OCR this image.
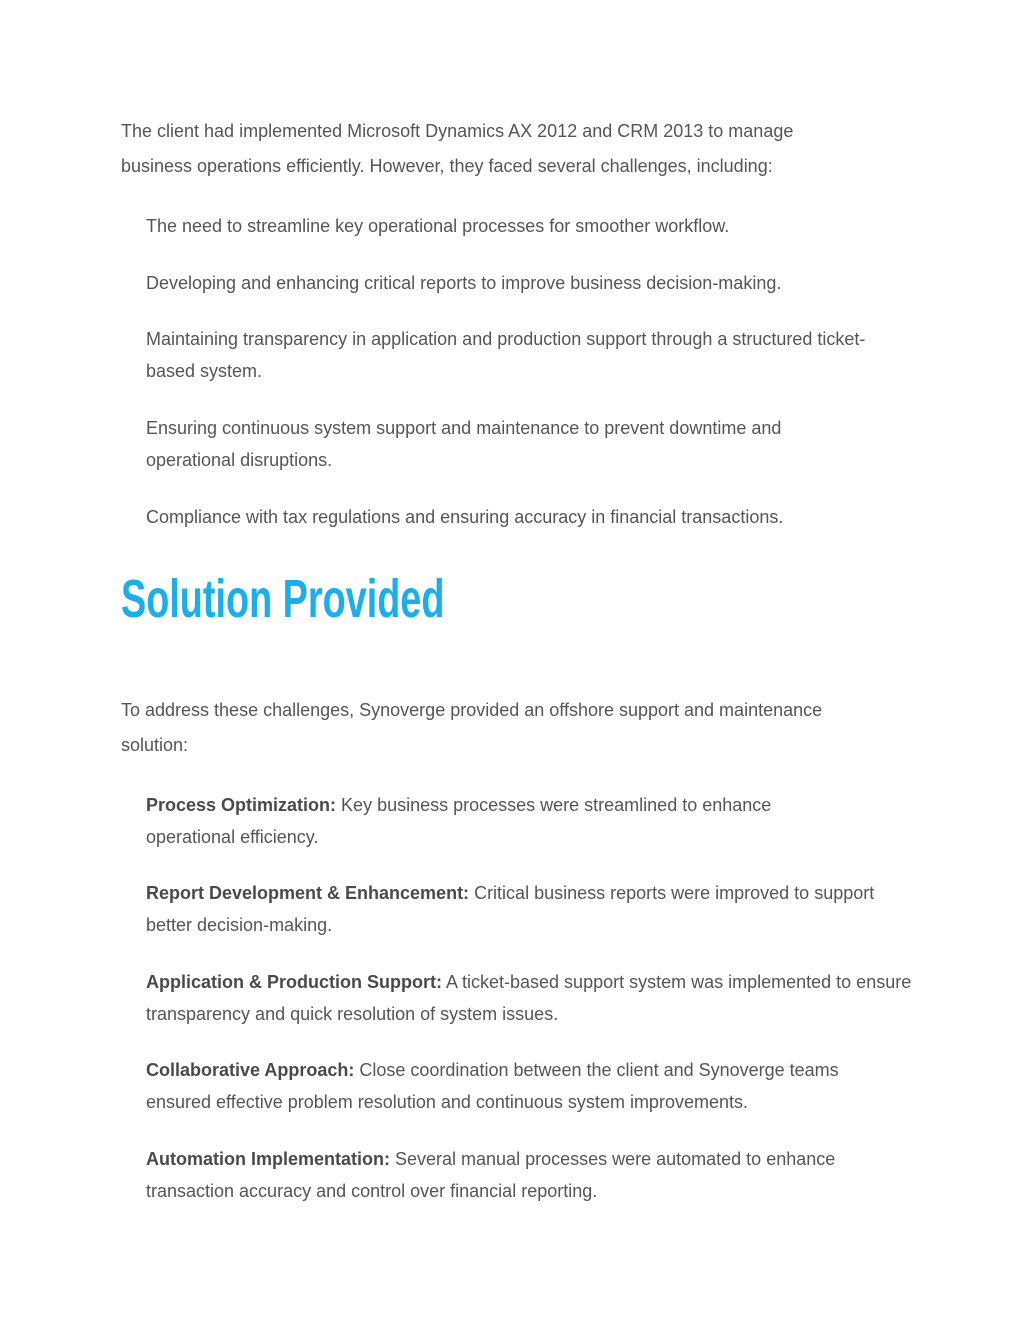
The client had implemented Microsoft Dynamics AX 2012 and CRM 2013 to manage business operations efficiently. However, they faced several challenges, including:

The need to streamline key operational processes for smoother workflow.

Developing and enhancing critical reports to improve business decision-making.

Maintaining transparency in application and production support through a structured ticket-based system.

Ensuring continuous system support and maintenance to prevent downtime and operational disruptions.

Compliance with tax regulations and ensuring accuracy in financial transactions.

Solution Provided

To address these challenges, Synoverge provided an offshore support and maintenance solution:

Process Optimization: Key business processes were streamlined to enhance operational efficiency.

Report Development & Enhancement: Critical business reports were improved to support better decision-making.

Application & Production Support: A ticket-based support system was implemented to ensure transparency and quick resolution of system issues.

Collaborative Approach: Close coordination between the client and Synoverge teams ensured effective problem resolution and continuous system improvements.

Automation Implementation: Several manual processes were automated to enhance transaction accuracy and control over financial reporting.
